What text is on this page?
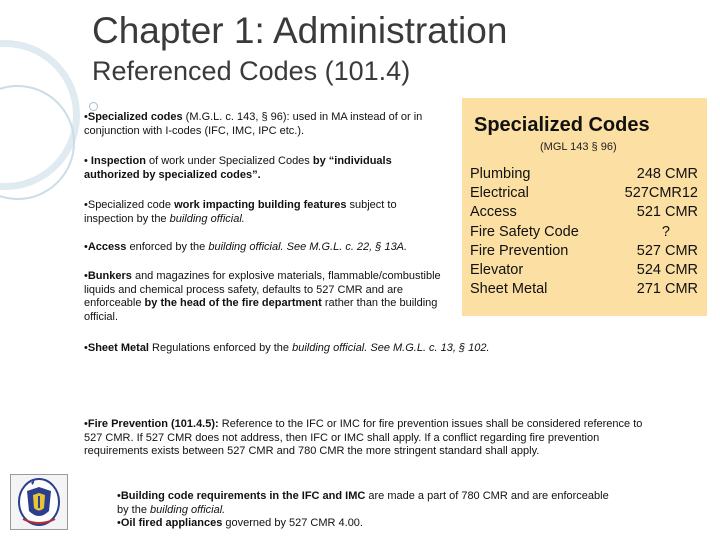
Chapter 1: Administration
Referenced Codes (101.4)

•Specialized codes (M.G.L. c. 143, § 96): used in MA instead of or in conjunction with I-codes (IFC, IMC, IPC etc.).

• Inspection of work under Specialized Codes by “individuals authorized by specialized codes”.

•Specialized code work impacting building features subject to inspection by the building official.

•Access enforced by the building official. See M.G.L. c. 22, § 13A.

•Bunkers and magazines for explosive materials, flammable/combustible liquids and chemical process safety, defaults to 527 CMR and are enforceable by the head of the fire department rather than the building official.

Specialized Codes
(MGL 143 § 96)
Plumbing	248 CMR
Electrical	527CMR12
Access	521 CMR
Fire Safety Code	?
Fire Prevention	527 CMR
Elevator	524 CMR
Sheet Metal	271 CMR

•Sheet Metal Regulations enforced by the building official. See M.G.L. c. 13, § 102.

•Fire Prevention (101.4.5): Reference to the IFC or IMC for fire prevention issues shall be considered reference to 527 CMR. If 527 CMR does not address, then IFC or IMC shall apply. If a conflict regarding fire prevention requirements exists between 527 CMR and 780 CMR the more stringent standard shall apply.

•Building code requirements in the IFC and IMC are made a part of 780 CMR and are enforceable by the building official.
•Oil fired appliances governed by 527 CMR 4.00.
